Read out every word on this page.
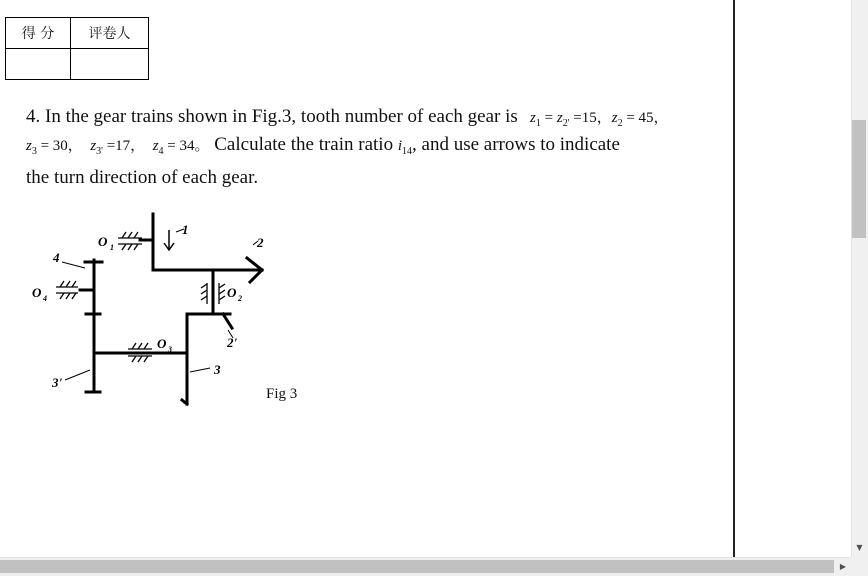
得 分	评卷人

4. In the gear trains shown in Fig.3, tooth number of each gear is $z_1 = z_{2'} =15$，$z_2 = 45$，
$z_3 = 30$，  $z_{3'} =17$，  $z_4 = 34$。 Calculate the train ratio $i_{14}$, and use arrows to indicate
the turn direction of each gear.
1
2
2'
3
3'
4
O 1
O 2
O 3
O 4
Fig 3
▼
▶
